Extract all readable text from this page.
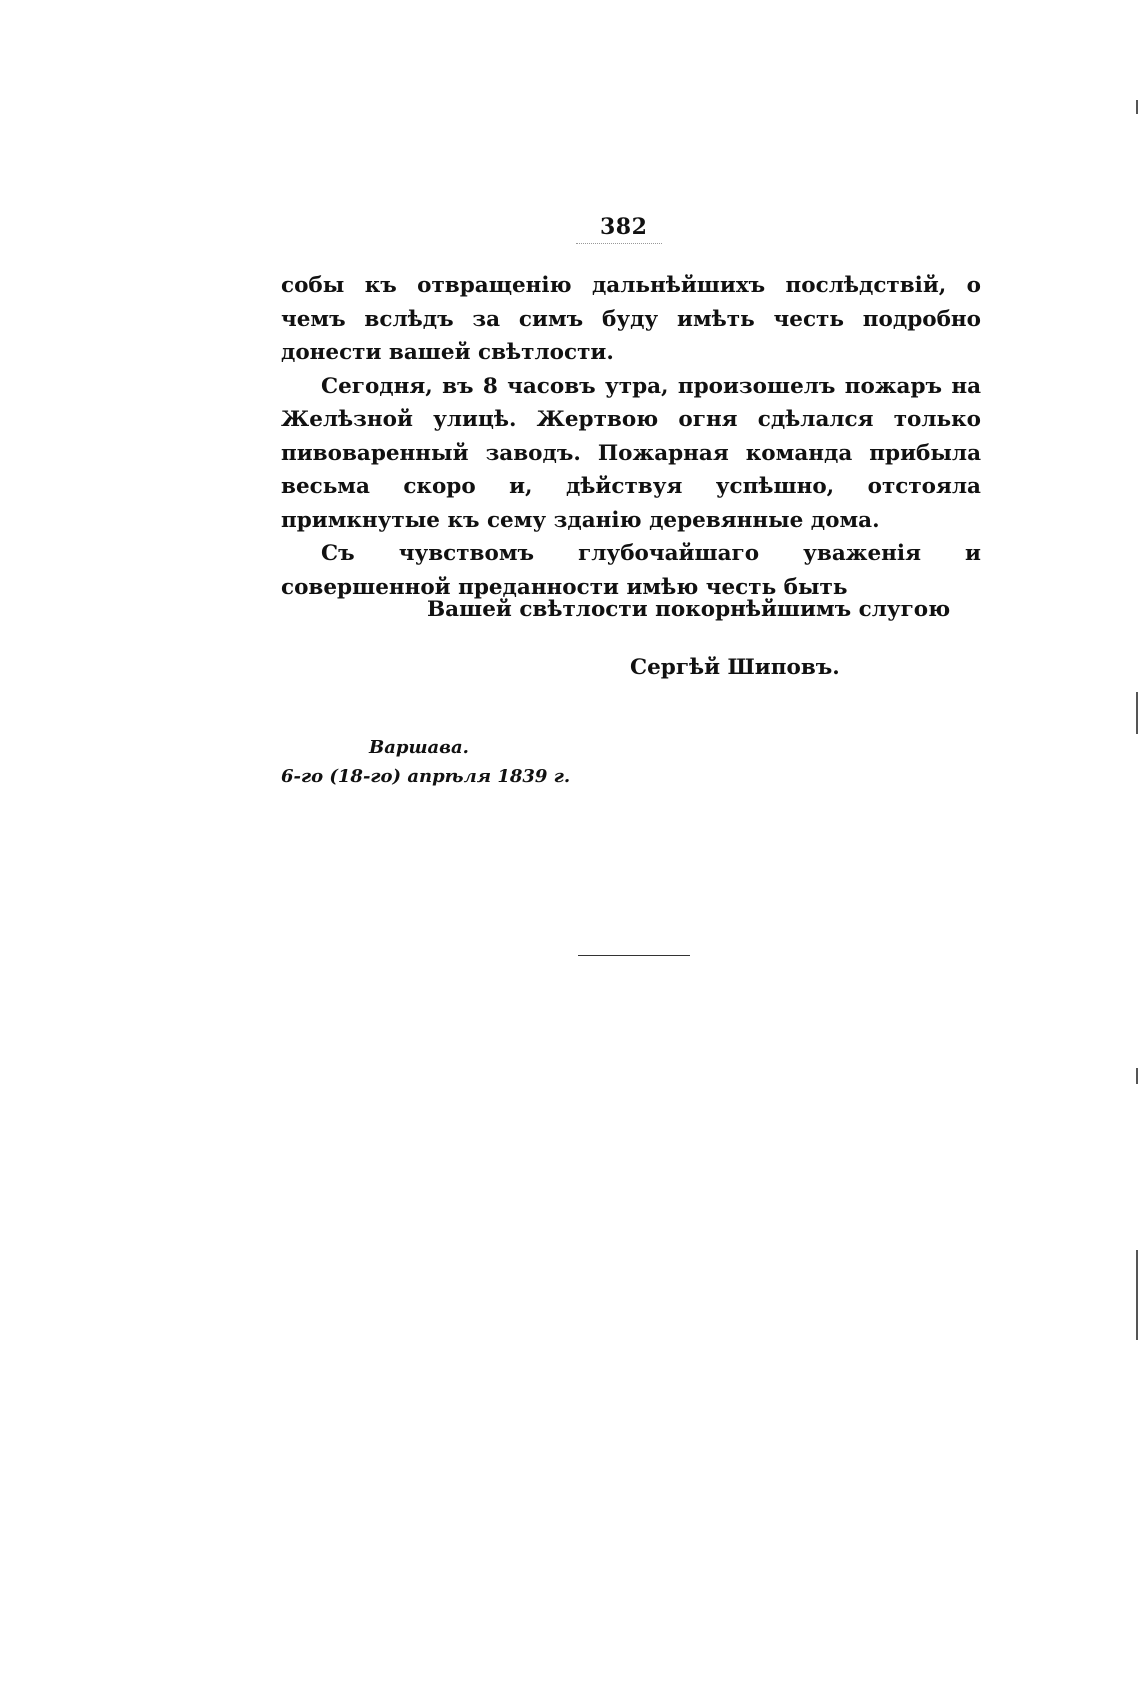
382

собы къ отвращенію дальнѣйшихъ послѣдствій, о чемъ вслѣдъ за симъ буду имѣть честь подробно донести вашей свѣтлости.

Сегодня, въ 8 часовъ утра, произошелъ пожаръ на Желѣзной улицѣ. Жертвою огня сдѣлался только пивоваренный заводъ. Пожарная команда прибыла весьма скоро и, дѣйствуя успѣшно, отстояла примкнутые къ сему зданію деревянные дома.

Съ чувствомъ глубочайшаго уваженія и совершенной преданности имѣю честь быть

Вашей свѣтлости покорнѣйшимъ слугою
Сергѣй Шиповъ.
Варшава.
6-го (18-го) апрѣля 1839 г.
